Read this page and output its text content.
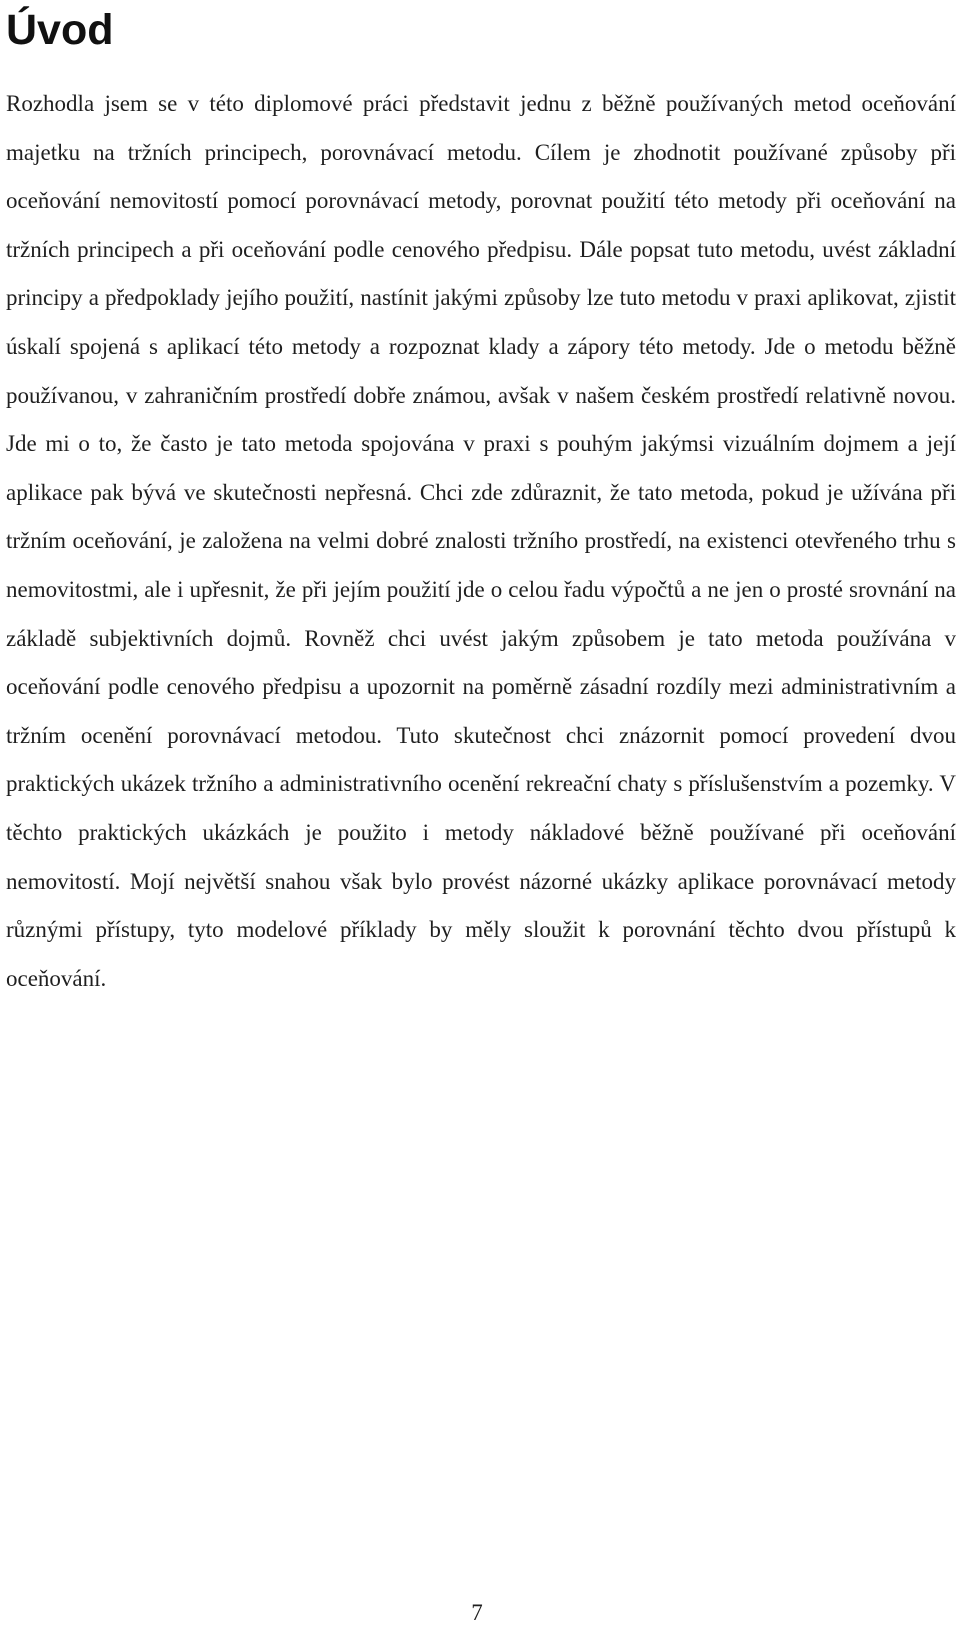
Úvod

Rozhodla jsem se v této diplomové práci představit jednu z běžně používaných metod oceňování majetku na tržních principech, porovnávací metodu. Cílem je zhodnotit používané způsoby při oceňování nemovitostí pomocí porovnávací metody, porovnat použití této metody při oceňování na tržních principech a při oceňování podle cenového předpisu. Dále popsat tuto metodu, uvést základní principy a předpoklady jejího použití, nastínit jakými způsoby lze tuto metodu v praxi aplikovat, zjistit úskalí spojená s aplikací této metody a rozpoznat klady a zápory této metody. Jde o metodu běžně používanou, v zahraničním prostředí dobře známou, avšak v našem českém prostředí relativně novou. Jde mi o to, že často je tato metoda spojována v praxi s pouhým jakýmsi vizuálním dojmem a její aplikace pak bývá ve skutečnosti nepřesná. Chci zde zdůraznit, že tato metoda, pokud je užívána při tržním oceňování, je založena na velmi dobré znalosti tržního prostředí, na existenci otevřeného trhu s nemovitostmi, ale i upřesnit, že při jejím použití jde o celou řadu výpočtů a ne jen o prosté srovnání na základě subjektivních dojmů. Rovněž chci uvést jakým způsobem je tato metoda používána v oceňování podle cenového předpisu a upozornit na poměrně zásadní rozdíly mezi administrativním a tržním ocenění porovnávací metodou. Tuto skutečnost chci znázornit pomocí provedení dvou praktických ukázek tržního a administrativního ocenění rekreační chaty s příslušenstvím a pozemky. V těchto praktických ukázkách je použito i metody nákladové běžně používané při oceňování nemovitostí. Mojí největší snahou však bylo provést názorné ukázky aplikace porovnávací metody různými přístupy, tyto modelové příklady by měly sloužit k porovnání těchto dvou přístupů k oceňování.

7
